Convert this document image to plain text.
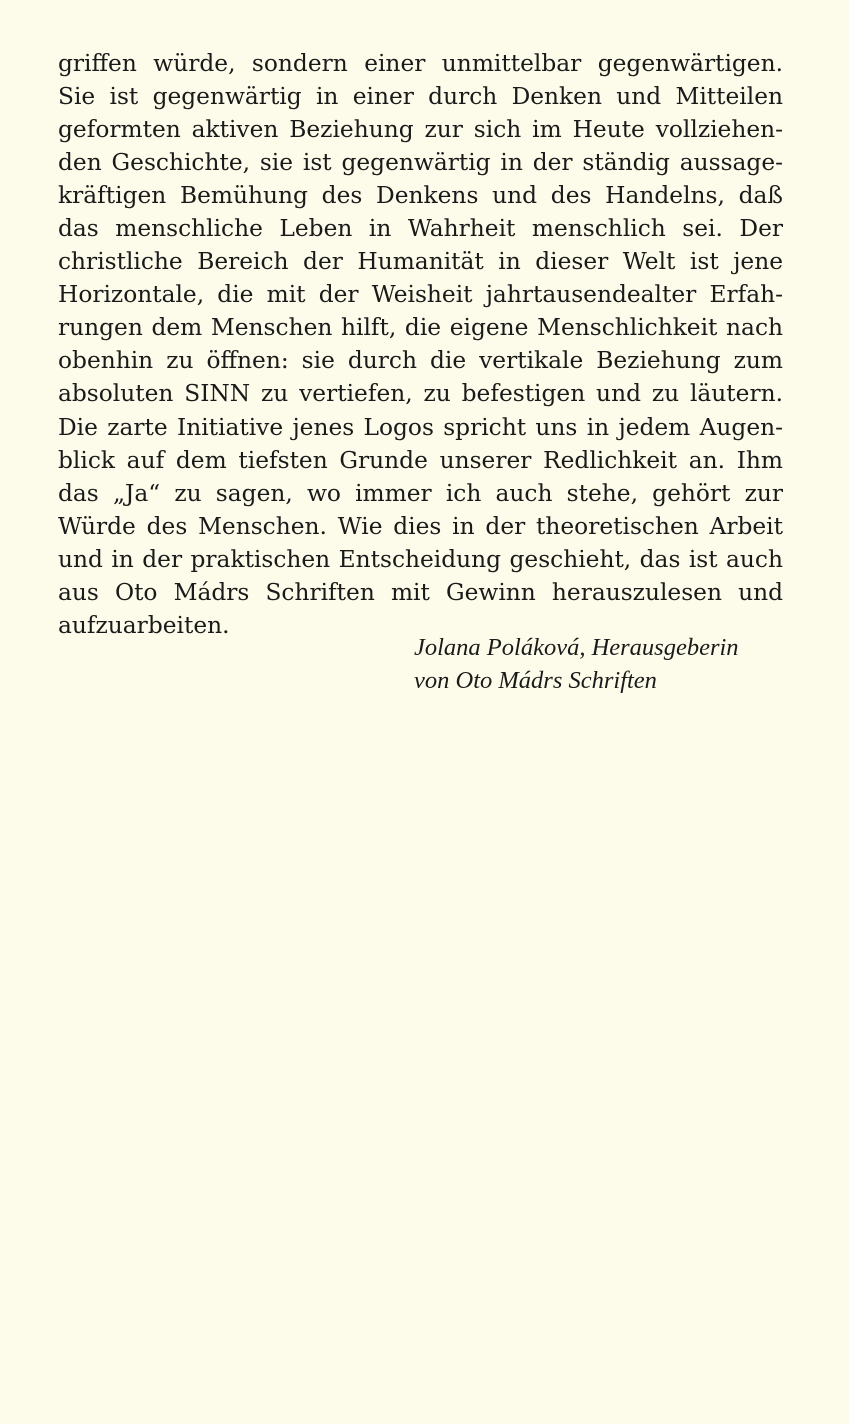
griffen würde, sondern einer unmittelbar gegenwärtigen.
Sie ist gegenwärtig in einer durch Denken und Mitteilen
geformten aktiven Beziehung zur sich im Heute vollziehen-
den Geschichte, sie ist gegenwärtig in der ständig aussage-
kräftigen Bemühung des Denkens und des Handelns, daß
das menschliche Leben in Wahrheit menschlich sei. Der
christliche Bereich der Humanität in dieser Welt ist jene
Horizontale, die mit der Weisheit jahrtausendealter Erfah-
rungen dem Menschen hilft, die eigene Menschlichkeit nach
obenhin zu öffnen: sie durch die vertikale Beziehung zum
absoluten SINN zu vertiefen, zu befestigen und zu läutern.
Die zarte Initiative jenes Logos spricht uns in jedem Augen-
blick auf dem tiefsten Grunde unserer Redlichkeit an. Ihm
das „Ja“ zu sagen, wo immer ich auch stehe, gehört zur
Würde des Menschen. Wie dies in der theoretischen Arbeit
und in der praktischen Entscheidung geschieht, das ist auch
aus Oto Mádrs Schriften mit Gewinn herauszulesen und
aufzuarbeiten.
Jolana Poláková, Herausgeberin
von Oto Mádrs Schriften
